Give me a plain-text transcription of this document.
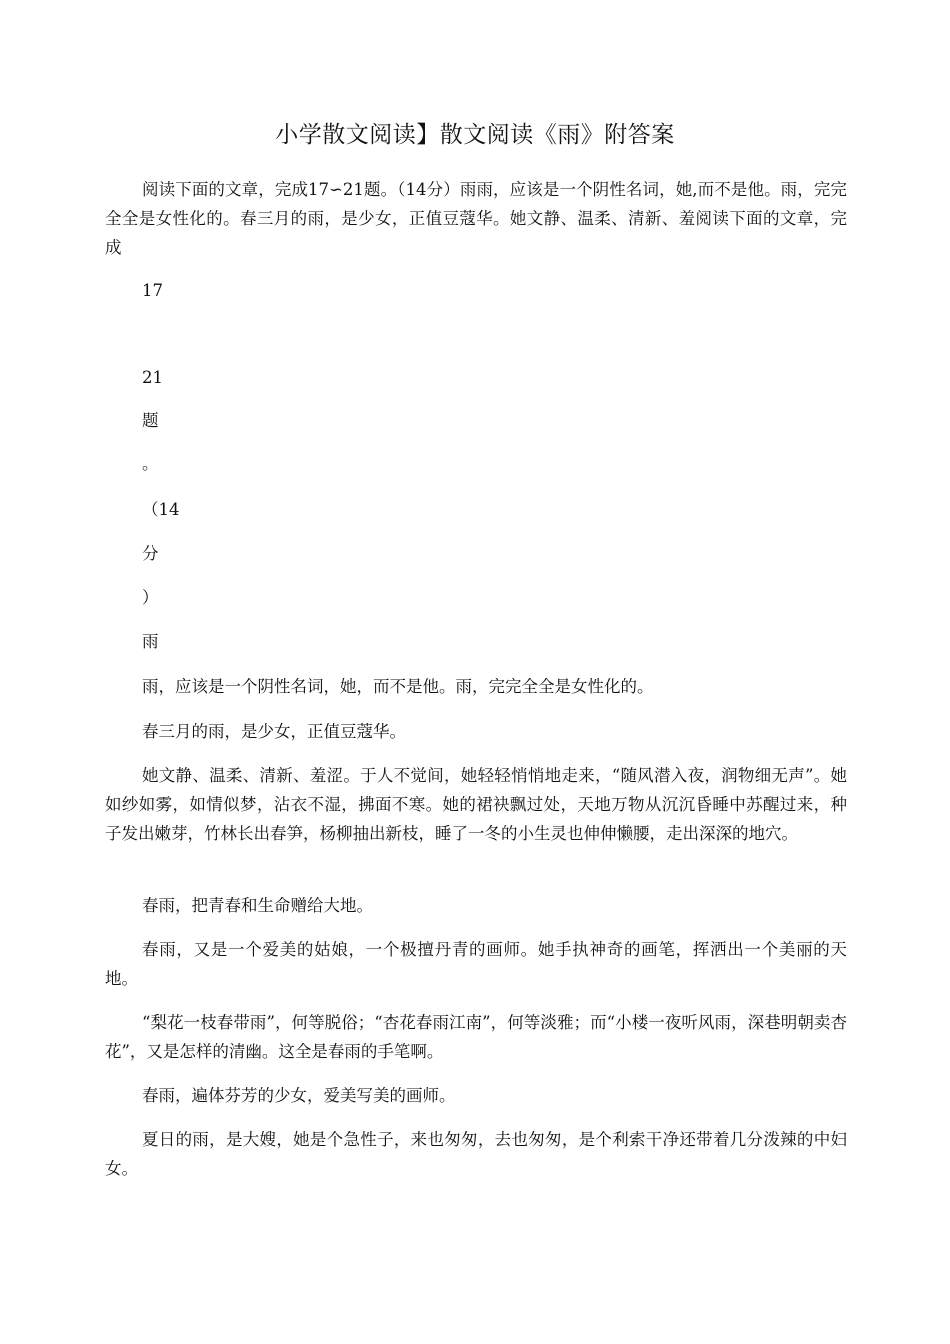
小学散文阅读】散文阅读《雨》附答案

阅读下面的文章，完成17∽21题。（14分）雨雨，应该是一个阴性名词，她,而不是他。雨，完完全全是女性化的。春三月的雨，是少女，正值豆蔻华。她文静、温柔、清新、羞阅读下面的文章，完成

17
21
题
。
（14
分
）
雨

雨，应该是一个阴性名词，她，而不是他。雨，完完全全是女性化的。

春三月的雨，是少女，正值豆蔻华。

她文静、温柔、清新、羞涩。于人不觉间，她轻轻悄悄地走来，“随风潜入夜，润物细无声”。她如纱如雾，如情似梦，沾衣不湿，拂面不寒。她的裙袂飘过处，天地万物从沉沉昏睡中苏醒过来，种子发出嫩芽，竹林长出春笋，杨柳抽出新枝，睡了一冬的小生灵也伸伸懒腰，走出深深的地穴。

春雨，把青春和生命赠给大地。

春雨，又是一个爱美的姑娘，一个极擅丹青的画师。她手执神奇的画笔，挥洒出一个美丽的天地。

“梨花一枝春带雨”，何等脱俗；“杏花春雨江南”，何等淡雅；而“小楼一夜听风雨，深巷明朝卖杏花”，又是怎样的清幽。这全是春雨的手笔啊。

春雨，遍体芬芳的少女，爱美写美的画师。

夏日的雨，是大嫂，她是个急性子，来也匆匆，去也匆匆，是个利索干净还带着几分泼辣的中妇女。
